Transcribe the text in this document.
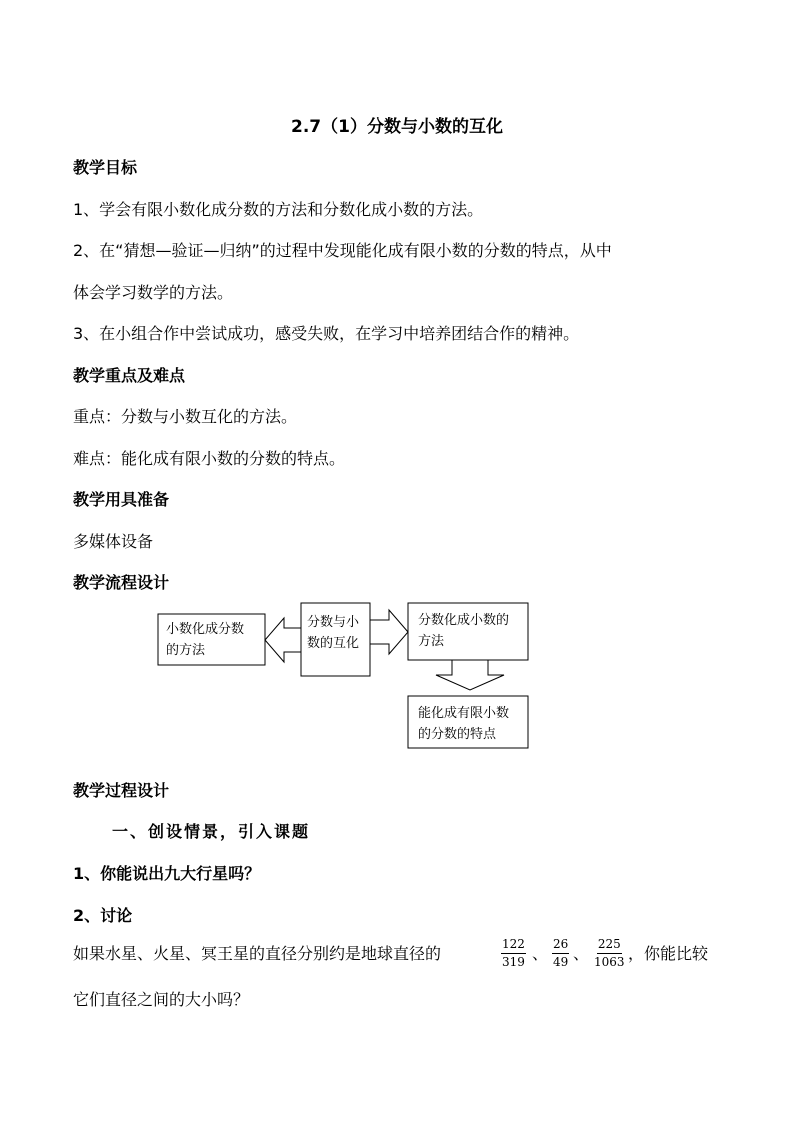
2.7（1）分数与小数的互化
教学目标
1、学会有限小数化成分数的方法和分数化成小数的方法。
2、在“猜想—验证—归纳”的过程中发现能化成有限小数的分数的特点，从中
体会学习数学的方法。
3、在小组合作中尝试成功，感受失败，在学习中培养团结合作的精神。
教学重点及难点
重点：分数与小数互化的方法。
难点：能化成有限小数的分数的特点。
教学用具准备
多媒体设备
教学流程设计
小数化成分数
的方法
分数与小
数的互化
分数化成小数的
方法
能化成有限小数
的分数的特点
教学过程设计
一、创设情景，引入课题
1、你能说出九大行星吗？
2、讨论
如果水星、火星、冥王星的直径分别约是地球直径的	$\frac{122}{319}$ 、 $\frac{26}{49}$ 、 $\frac{225}{1063}$ ，你能比较
它们直径之间的大小吗？
